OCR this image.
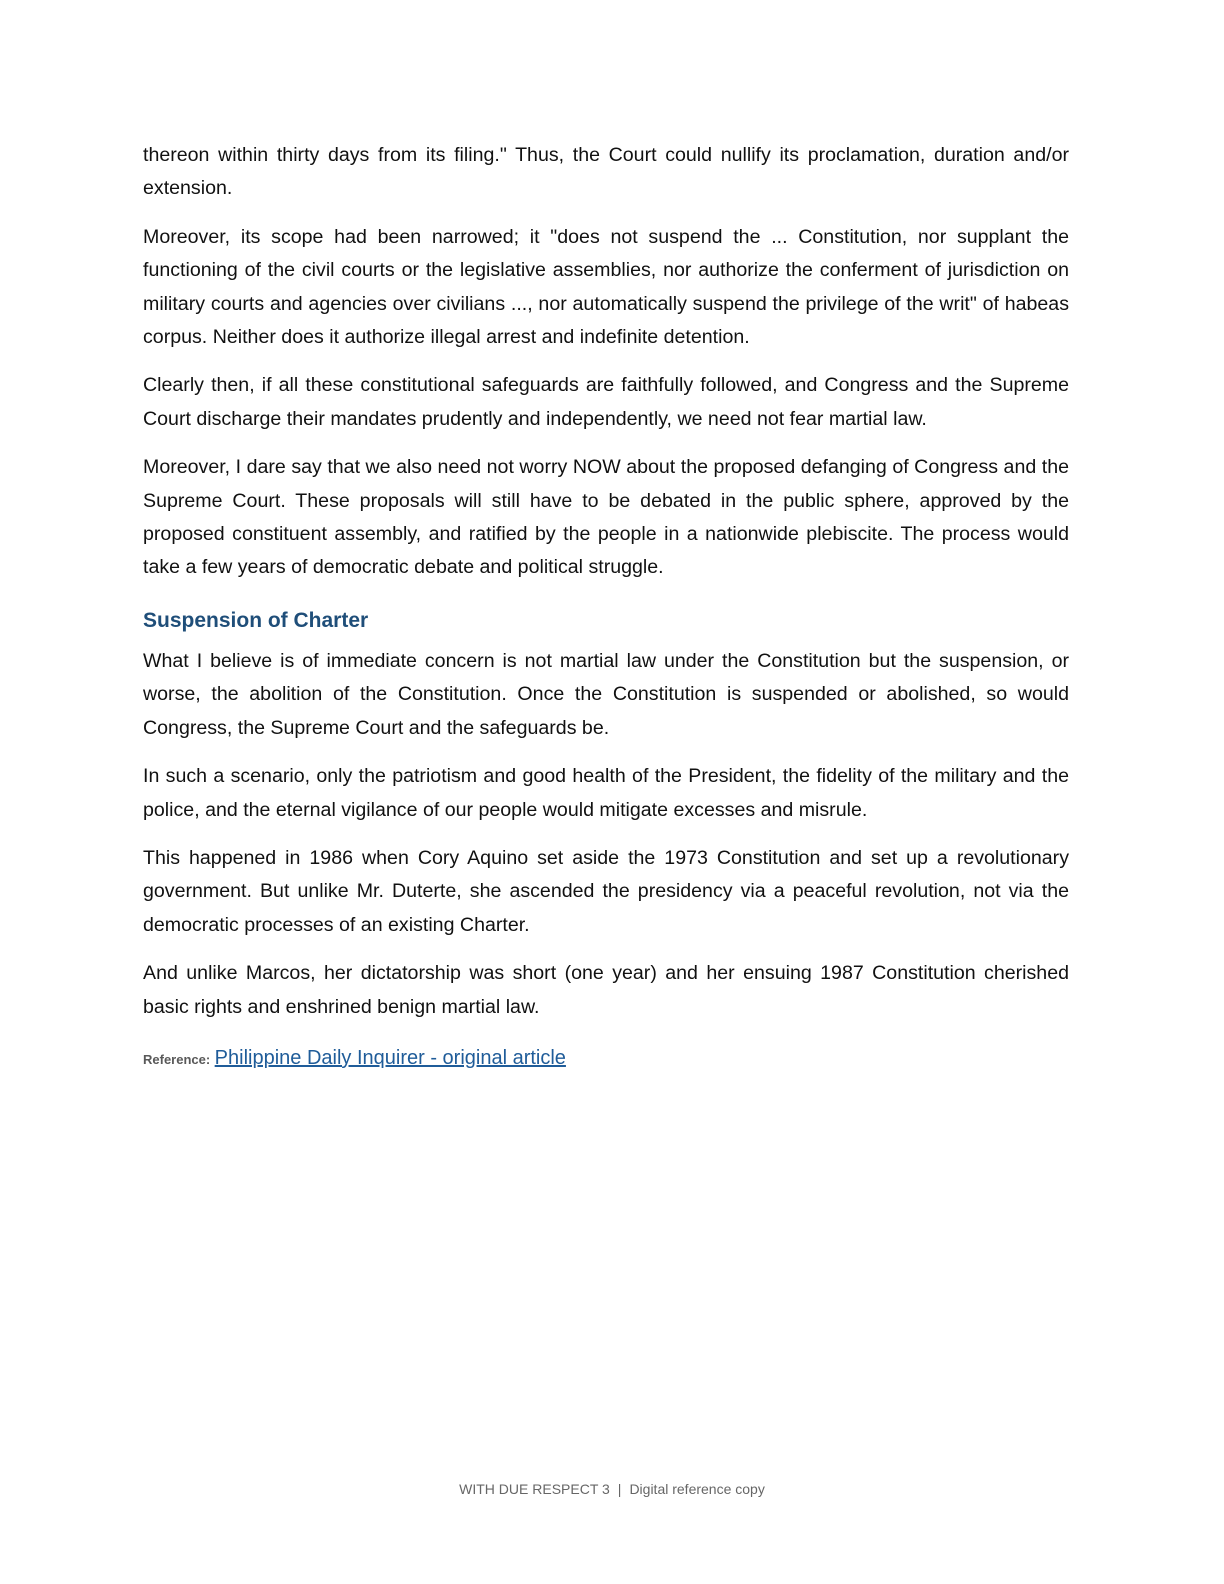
thereon within thirty days from its filing." Thus, the Court could nullify its proclamation, duration and/or extension.

Moreover, its scope had been narrowed; it "does not suspend the ... Constitution, nor supplant the functioning of the civil courts or the legislative assemblies, nor authorize the conferment of jurisdiction on military courts and agencies over civilians ..., nor automatically suspend the privilege of the writ" of habeas corpus. Neither does it authorize illegal arrest and indefinite detention.

Clearly then, if all these constitutional safeguards are faithfully followed, and Congress and the Supreme Court discharge their mandates prudently and independently, we need not fear martial law.

Moreover, I dare say that we also need not worry NOW about the proposed defanging of Congress and the Supreme Court. These proposals will still have to be debated in the public sphere, approved by the proposed constituent assembly, and ratified by the people in a nationwide plebiscite. The process would take a few years of democratic debate and political struggle.

Suspension of Charter

What I believe is of immediate concern is not martial law under the Constitution but the suspension, or worse, the abolition of the Constitution. Once the Constitution is suspended or abolished, so would Congress, the Supreme Court and the safeguards be.

In such a scenario, only the patriotism and good health of the President, the fidelity of the military and the police, and the eternal vigilance of our people would mitigate excesses and misrule.

This happened in 1986 when Cory Aquino set aside the 1973 Constitution and set up a revolutionary government. But unlike Mr. Duterte, she ascended the presidency via a peaceful revolution, not via the democratic processes of an existing Charter.

And unlike Marcos, her dictatorship was short (one year) and her ensuing 1987 Constitution cherished basic rights and enshrined benign martial law.

Reference: Philippine Daily Inquirer - original article
WITH DUE RESPECT 3 | Digital reference copy
